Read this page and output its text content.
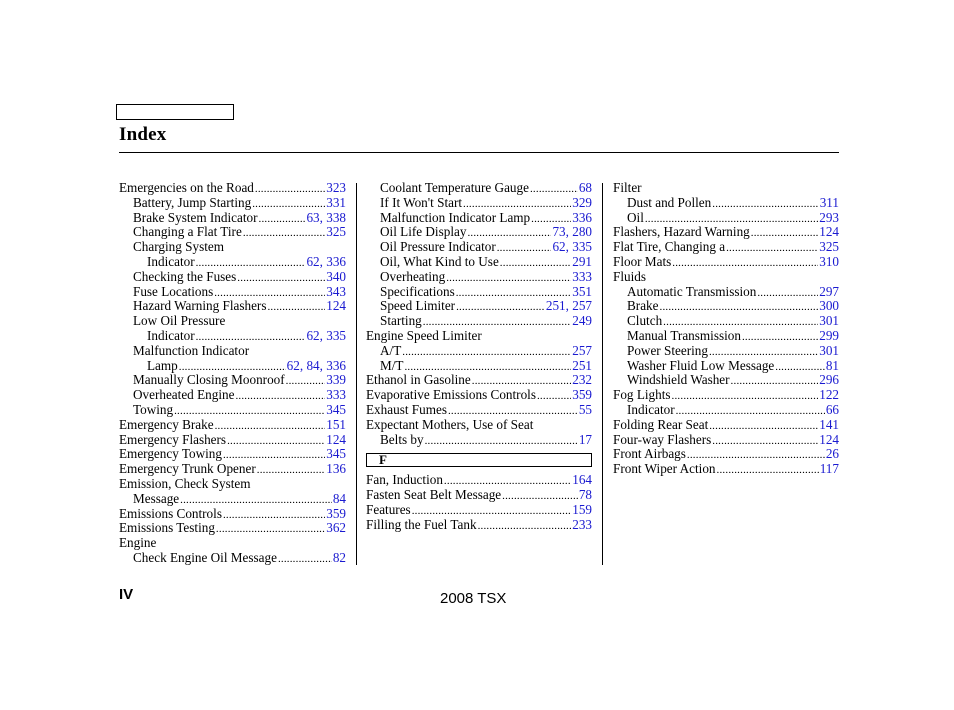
Index
Emergencies on the Road .....	323
Battery, Jump Starting .....	331
Brake System Indicator .....	63, 338
Changing a Flat Tire .....	325
Charging System
Indicator .....	62, 336
Checking the Fuses .....	340
Fuse Locations .....	343
Hazard Warning Flashers .....	124
Low Oil Pressure
Indicator .....	62, 335
Malfunction Indicator
Lamp .....	62, 84, 336
Manually Closing Moonroof .....	339
Overheated Engine .....	333
Towing .....	345
Emergency Brake .....	151
Emergency Flashers .....	124
Emergency Towing .....	345
Emergency Trunk Opener .....	136
Emission, Check System
Message .....	84
Emissions Controls .....	359
Emissions Testing .....	362
Engine
Check Engine Oil Message .....	82
Coolant Temperature Gauge .....	68
If It Won't Start .....	329
Malfunction Indicator Lamp .....	336
Oil Life Display .....	73, 280
Oil Pressure Indicator .....	62, 335
Oil, What Kind to Use .....	291
Overheating .....	333
Specifications .....	351
Speed Limiter .....	251, 257
Starting .....	249
Engine Speed Limiter
A/T .....	257
M/T .....	251
Ethanol in Gasoline .....	232
Evaporative Emissions Controls .....	359
Exhaust Fumes .....	55
Expectant Mothers, Use of Seat
Belts by .....	17
F
Fan, Induction .....	164
Fasten Seat Belt Message .....	78
Features .....	159
Filling the Fuel Tank .....	233
Filter
Dust and Pollen .....	311
Oil .....	293
Flashers, Hazard Warning .....	124
Flat Tire, Changing a .....	325
Floor Mats .....	310
Fluids
Automatic Transmission .....	297
Brake .....	300
Clutch .....	301
Manual Transmission .....	299
Power Steering .....	301
Washer Fluid Low Message .....	81
Windshield Washer .....	296
Fog Lights .....	122
Indicator .....	66
Folding Rear Seat .....	141
Four-way Flashers .....	124
Front Airbags .....	26
Front Wiper Action .....	117
IV	2008 TSX
